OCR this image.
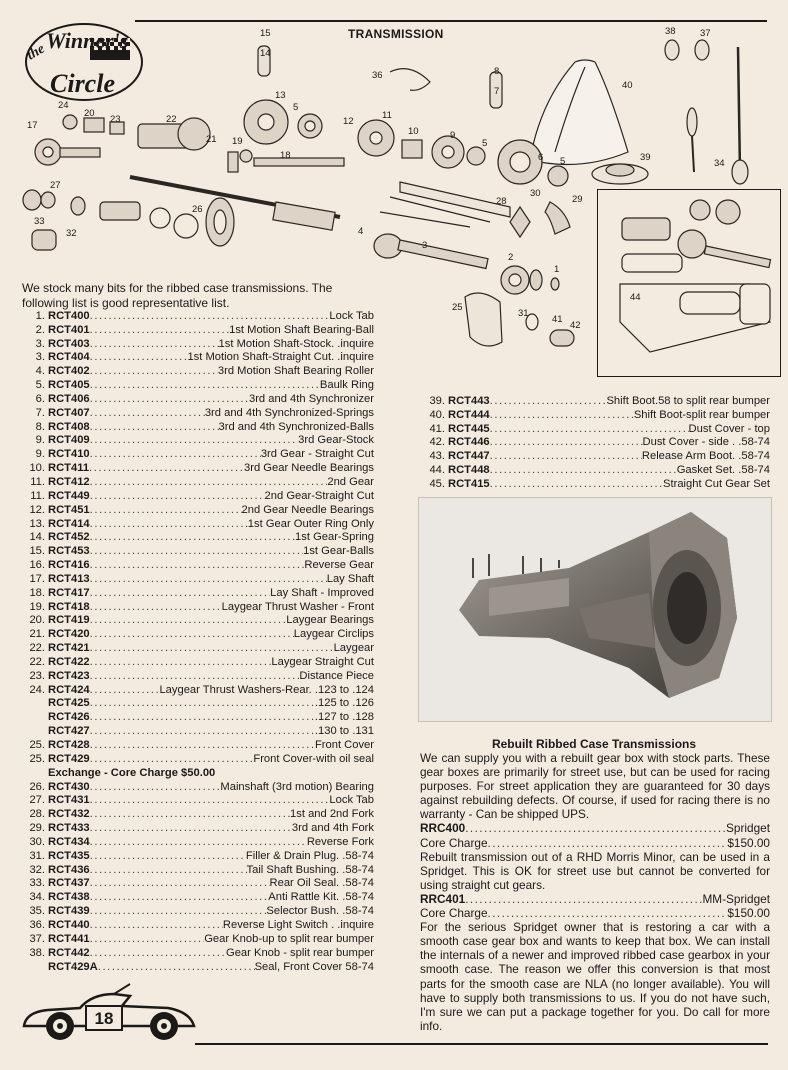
the
Winner's
Circle
TRANSMISSION
15
14
13
5
12
11
10	9
5
6 5
36	8
7
40
38	37
39
34
24
20
23	22
21 19
18
17
27
26
28
30
29
33
32	4
3
2
1
25
31
41
42
44
We stock many bits for the ribbed case transmissions. The following list is good representative list.
1. RCT400 .....	Lock Tab
2. RCT401 .....	1st Motion Shaft Bearing-Ball
3. RCT403 .....	1st Motion Shaft-Stock. .inquire
3. RCT404 .....	1st Motion Shaft-Straight Cut. .inquire
4. RCT402 .....	3rd Motion Shaft Bearing Roller
5. RCT405 .....	Baulk Ring
6. RCT406 .....	3rd and 4th Synchronizer
7. RCT407 .....	3rd and 4th Synchronized-Springs
8. RCT408 .....	3rd and 4th Synchronized-Balls
9. RCT409 .....	3rd Gear-Stock
9. RCT410 .....	3rd Gear - Straight Cut
10. RCT411 .....	3rd Gear Needle Bearings
11. RCT412 .....	2nd Gear
11. RCT449 .....	2nd Gear-Straight Cut
12. RCT451 .....	2nd Gear Needle Bearings
13. RCT414 .....	1st Gear Outer Ring Only
14. RCT452 .....	1st Gear-Spring
15. RCT453 .....	1st Gear-Balls
16. RCT416 .....	Reverse Gear
17. RCT413 .....	Lay Shaft
18. RCT417 .....	Lay Shaft - Improved
19. RCT418 .....	Laygear Thrust Washer - Front
20. RCT419 .....	Laygear Bearings
21. RCT420 .....	Laygear Circlips
22. RCT421 .....	Laygear
22. RCT422 .....	Laygear Straight Cut
23. RCT423 .....	Distance Piece
24. RCT424 .....	Laygear Thrust Washers-Rear. .123 to .124
RCT425 .....	.125 to .126
RCT426 .....	.127 to .128
RCT427 .....	.130 to .131
25. RCT428 .....	Front Cover
25. RCT429 .....	Front Cover-with oil seal
Exchange - Core Charge $50.00
26. RCT430 .....	Mainshaft (3rd motion) Bearing
27. RCT431 .....	Lock Tab
28. RCT432 .....	1st and 2nd Fork
29. RCT433 .....	3rd and 4th Fork
30. RCT434 .....	Reverse Fork
31. RCT435 .....	Filler & Drain Plug. .58-74
32. RCT436 .....	Tail Shaft Bushing. .58-74
33. RCT437 .....	Rear Oil Seal. .58-74
34. RCT438 .....	Anti Rattle Kit. .58-74
35. RCT439 .....	Selector Bush. .58-74
36. RCT440 .....	Reverse Light Switch . .inquire
37. RCT441 .....	Gear Knob-up to split rear bumper
38. RCT442 .....	Gear Knob - split rear bumper
RCT429A .....	Seal, Front Cover 58-74
39. RCT443 .....	Shift Boot.58 to split rear bumper
40. RCT444 .....	Shift Boot-split rear bumper
41. RCT445 .....	Dust Cover - top
42. RCT446 .....	Dust Cover - side . .58-74
43. RCT447 .....	Release Arm Boot. .58-74
44. RCT448 .....	Gasket Set. .58-74
45. RCT415 .....	Straight Cut Gear Set
Rebuilt Ribbed Case Transmissions

We can supply you with a rebuilt gear box with stock parts. These gear boxes are primarily for street use, but can be used for racing purposes. For street application they are guaranteed for 30 days against rebuilding defects. Of course, if used for racing there is no warranty - Can be shipped UPS.

RRC400 .....	Spridget
Core Charge .....	$150.00

Rebuilt transmission out of a RHD Morris Minor, can be used in a Spridget. This is OK for street use but cannot be converted for using straight cut gears.

RRC401 .....	MM-Spridget
Core Charge .....	$150.00

For the serious Spridget owner that is restoring a car with a smooth case gear box and wants to keep that box. We can install the internals of a newer and improved ribbed case gearbox in your smooth case. The reason we offer this conversion is that most parts for the smooth case are NLA (no longer available). You will have to supply both transmissions to us. If you do not have such, I'm sure we can put a package together for you. Do call for more info.

18
